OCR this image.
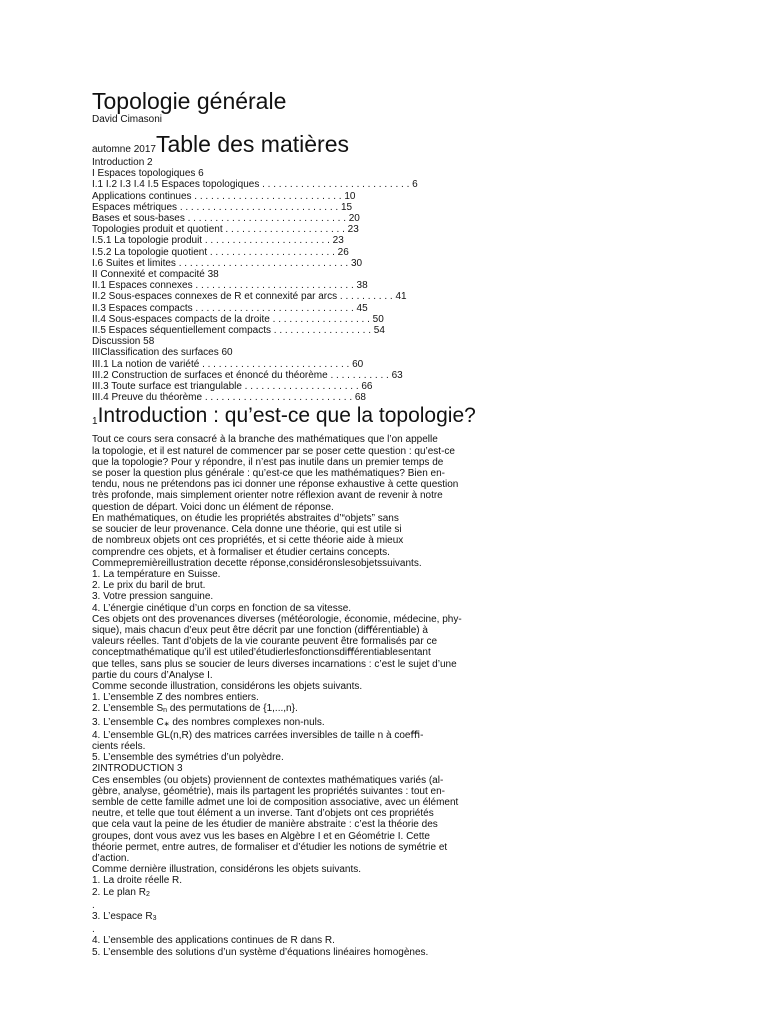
Topologie générale
David Cimasoni
automne 2017Table des matières
Introduction 2
I Espaces topologiques 6
I.1 I.2 I.3 I.4 I.5 Espaces topologiques . . . . . . . . . . . . . . . . . . . . . . . . . . . 6
Applications continues . . . . . . . . . . . . . . . . . . . . . . . . . . . 10
Espaces métriques . . . . . . . . . . . . . . . . . . . . . . . . . . . . . 15
Bases et sous-bases . . . . . . . . . . . . . . . . . . . . . . . . . . . . . 20
Topologies produit et quotient . . . . . . . . . . . . . . . . . . . . . . 23
I.5.1 La topologie produit . . . . . . . . . . . . . . . . . . . . . . . 23
I.5.2 La topologie quotient . . . . . . . . . . . . . . . . . . . . . . . 26
I.6 Suites et limites . . . . . . . . . . . . . . . . . . . . . . . . . . . . . . . 30
II Connexité et compacité 38
II.1 Espaces connexes . . . . . . . . . . . . . . . . . . . . . . . . . . . . . 38
II.2 Sous-espaces connexes de R et connexité par arcs . . . . . . . . . . 41
II.3 Espaces compacts . . . . . . . . . . . . . . . . . . . . . . . . . . . . . 45
II.4 Sous-espaces compacts de la droite . . . . . . . . . . . . . . . . . . 50
II.5 Espaces séquentiellement compacts . . . . . . . . . . . . . . . . . . 54
Discussion 58
IIIClassification des surfaces 60
III.1 La notion de variété . . . . . . . . . . . . . . . . . . . . . . . . . . . 60
III.2 Construction de surfaces et énoncé du théorème . . . . . . . . . . . 63
III.3 Toute surface est triangulable . . . . . . . . . . . . . . . . . . . . . 66
III.4 Preuve du théorème . . . . . . . . . . . . . . . . . . . . . . . . . . . 68
$^1$Introduction : qu’est-ce que la topologie?
Tout ce cours sera consacré à la branche des mathématiques que l’on appelle
la topologie, et il est naturel de commencer par se poser cette question : qu’est-ce
que la topologie? Pour y répondre, il n’est pas inutile dans un premier temps de
se poser la question plus générale : qu’est-ce que les mathématiques? Bien en-
tendu, nous ne prétendons pas ici donner une réponse exhaustive à cette question
très profonde, mais simplement orienter notre réflexion avant de revenir à notre
question de départ. Voici donc un élément de réponse.
En mathématiques, on étudie les propriétés abstraites d’“objets” sans
se soucier de leur provenance. Cela donne une théorie, qui est utile si
de nombreux objets ont ces propriétés, et si cette théorie aide à mieux
comprendre ces objets, et à formaliser et étudier certains concepts.
Commepremièreillustration decette réponse,considéronslesobjetssuivants.
1. La température en Suisse.
2. Le prix du baril de brut.
3. Votre pression sanguine.
4. L’énergie cinétique d’un corps en fonction de sa vitesse.
Ces objets ont des provenances diverses (météorologie, économie, médecine, phy-
sique), mais chacun d’eux peut être décrit par une fonction (diﬀérentiable) à
valeurs réelles. Tant d’objets de la vie courante peuvent être formalisés par ce
conceptmathématique qu’il est utiled’étudierlesfonctionsdiﬀérentiablesentant
que telles, sans plus se soucier de leurs diverses incarnations : c’est le sujet d’une
partie du cours d’Analyse I.
Comme seconde illustration, considérons les objets suivants.
1. L’ensemble Z des nombres entiers.
2. L’ensemble Sn des permutations de {1,...,n}.
3. L’ensemble C∗ des nombres complexes non-nuls.
4. L’ensemble GL(n,R) des matrices carrées inversibles de taille n à coeﬃ-
cients réels.
5. L’ensemble des symétries d’un polyèdre.
2INTRODUCTION 3
Ces ensembles (ou objets) proviennent de contextes mathématiques variés (al-
gèbre, analyse, géométrie), mais ils partagent les propriétés suivantes : tout en-
semble de cette famille admet une loi de composition associative, avec un élément
neutre, et telle que tout élément a un inverse. Tant d’objets ont ces propriétés
que cela vaut la peine de les étudier de manière abstraite : c’est la théorie des
groupes, dont vous avez vus les bases en Algèbre I et en Géométrie I. Cette
théorie permet, entre autres, de formaliser et d’étudier les notions de symétrie et
d’action.
Comme dernière illustration, considérons les objets suivants.
1. La droite réelle R.
2. Le plan R2
.
3. L’espace R3
.
4. L’ensemble des applications continues de R dans R.
5. L’ensemble des solutions d’un système d’équations linéaires homogènes.
